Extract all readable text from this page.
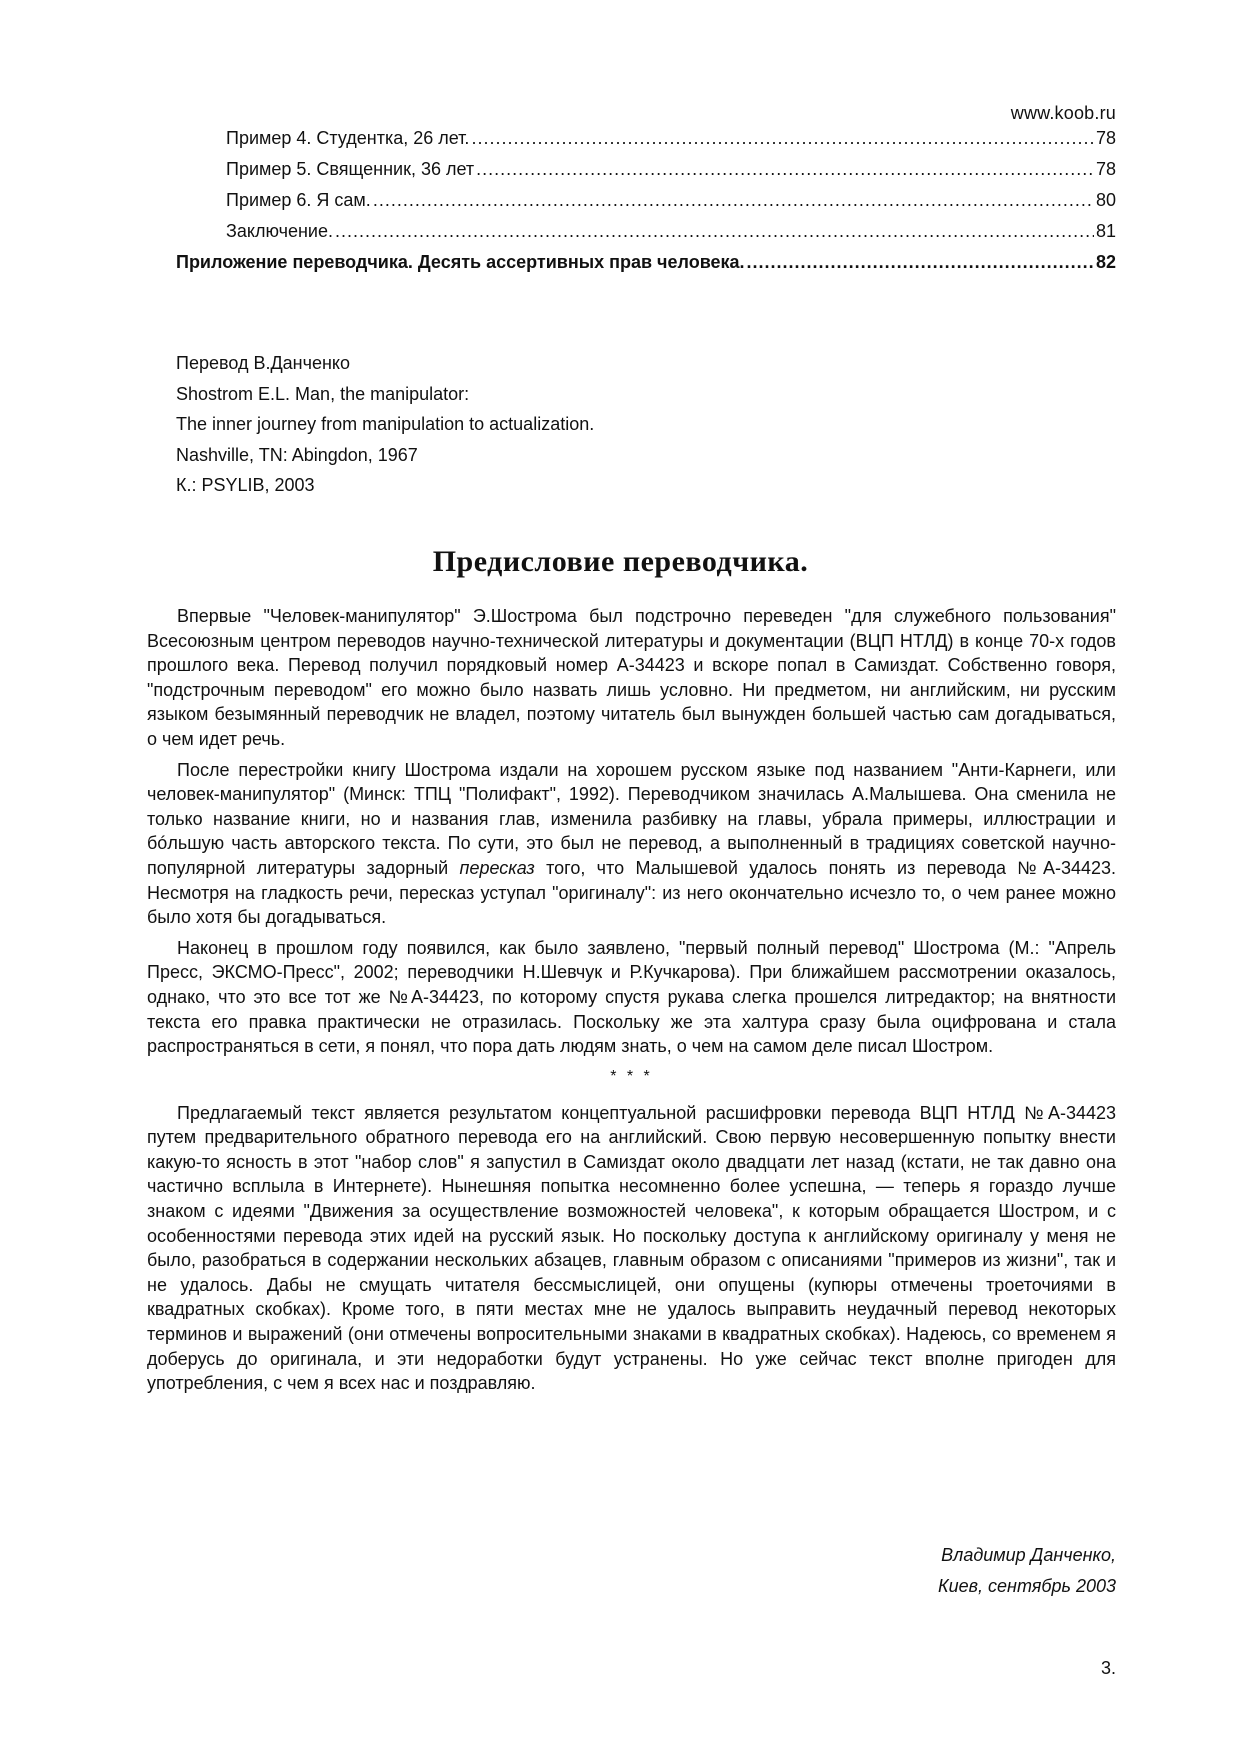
www.koob.ru
Пример 4. Студентка, 26 лет. .....	78
Пример 5. Священник, 36 лет .....	78
Пример 6. Я сам. .....	80
Заключение. .....	81
Приложение переводчика. Десять ассертивных прав человека. .....	82
Перевод В.Данченко
Shostrom E.L. Man, the manipulator:
The inner journey from manipulation to actualization.
Nashville, TN: Abingdon, 1967
К.: PSYLIB, 2003
Предисловие переводчика.

Впервые "Человек-манипулятор" Э.Шострома был подстрочно переведен "для служебного пользования" Всесоюзным центром переводов научно-технической литературы и документации (ВЦП НТЛД) в конце 70-х годов прошлого века. Перевод получил порядковый номер А-34423 и вскоре попал в Самиздат. Собственно говоря, "подстрочным переводом" его можно было назвать лишь условно. Ни предметом, ни английским, ни русским языком безымянный переводчик не владел, поэтому читатель был вынужден большей частью сам догадываться, о чем идет речь.

После перестройки книгу Шострома издали на хорошем русском языке под названием "Анти-Карнеги, или человек-манипулятор" (Минск: ТПЦ "Полифакт", 1992). Переводчиком значилась А.Малышева. Она сменила не только название книги, но и названия глав, изменила разбивку на главы, убрала примеры, иллюстрации и бóльшую часть авторского текста. По сути, это был не перевод, а выполненный в традициях советской научно-популярной литературы задорный пересказ того, что Малышевой удалось понять из перевода №А-34423. Несмотря на гладкость речи, пересказ уступал "оригиналу": из него окончательно исчезло то, о чем ранее можно было хотя бы догадываться.

Наконец в прошлом году появился, как было заявлено, "первый полный перевод" Шострома (М.: "Апрель Пресс, ЭКСМО-Пресс", 2002; переводчики Н.Шевчук и Р.Кучкарова). При ближайшем рассмотрении оказалось, однако, что это все тот же №А-34423, по которому спустя рукава слегка прошелся литредактор; на внятности текста его правка практически не отразилась. Поскольку же эта халтура сразу была оцифрована и стала распространяться в сети, я понял, что пора дать людям знать, о чем на самом деле писал Шостром.

* * *

Предлагаемый текст является результатом концептуальной расшифровки перевода ВЦП НТЛД №А-34423 путем предварительного обратного перевода его на английский. Свою первую несовершенную попытку внести какую-то ясность в этот "набор слов" я запустил в Самиздат около двадцати лет назад (кстати, не так давно она частично всплыла в Интернете). Нынешняя попытка несомненно более успешна, — теперь я гораздо лучше знаком с идеями "Движения за осуществление возможностей человека", к которым обращается Шостром, и с особенностями перевода этих идей на русский язык. Но поскольку доступа к английскому оригиналу у меня не было, разобраться в содержании нескольких абзацев, главным образом с описаниями "примеров из жизни", так и не удалось. Дабы не смущать читателя бессмыслицей, они опущены (купюры отмечены троеточиями в квадратных скобках). Кроме того, в пяти местах мне не удалось выправить неудачный перевод некоторых терминов и выражений (они отмечены вопросительными знаками в квадратных скобках). Надеюсь, со временем я доберусь до оригинала, и эти недоработки будут устранены. Но уже сейчас текст вполне пригоден для употребления, с чем я всех нас и поздравляю.

Владимир Данченко,
Киев, сентябрь 2003
3.
